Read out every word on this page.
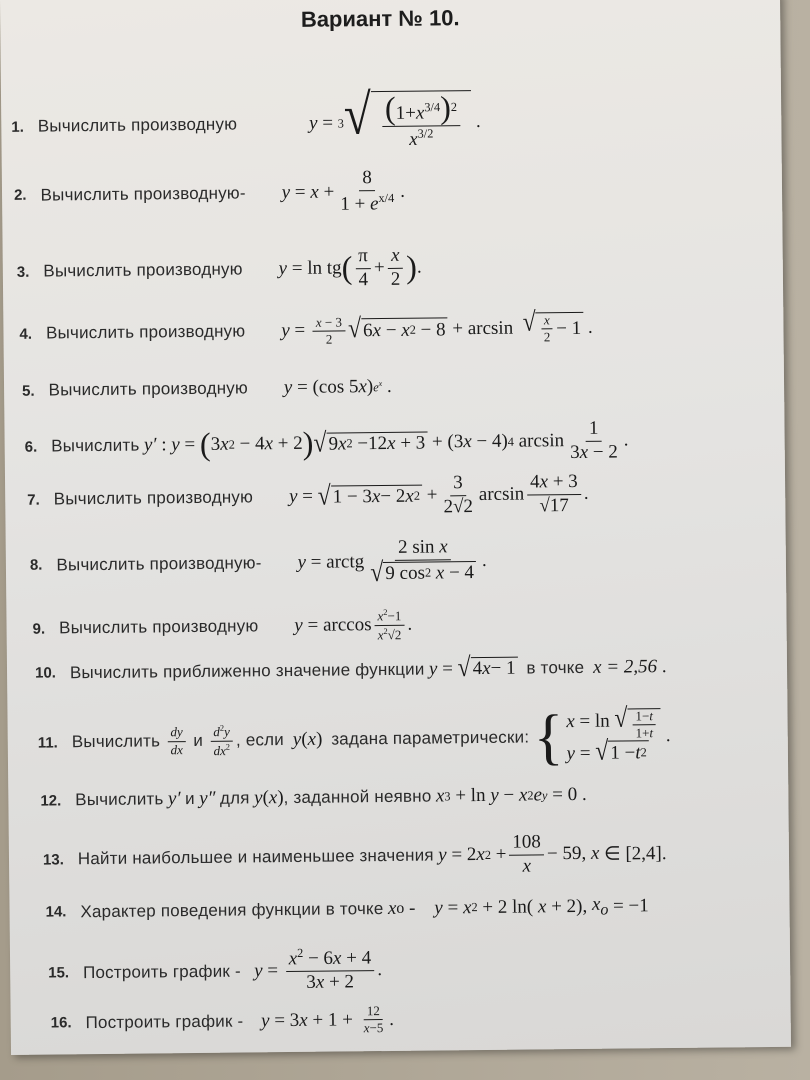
Вариант № 10.
1. Вычислить производную	y = 3 √ $\frac{(1+x^{3/4})^2}{x^{3/2}}$ .
2. Вычислить производную- $y = x + \frac{8}{1 + e^{x/4}}$ .
3. Вычислить производную y = ln tg ( $\frac{\pi}{4} + \frac{x}{2}$ ) .
4. Вычислить производную $y = \frac{x - 3}{2}$ √ 6 x − x 2 − 8 + arcsin √ $\frac{x}{2} - 1$ .
5. Вычислить производную y = (cos 5 x ) $e^x$ .
6. Вычислить
y′ : y = ( 3 x 2 − 4 x + 2 ) √ 9 x 2 −12 x + 3 + (3 x − 4) 4 $\arcsin \frac{1}{3x - 2}$ .
7. Вычислить производную y = √ 1 − 3 x − 2 x $2 + \frac{3}{2√2}$ $\arcsin \frac{4x + 3}{√17}$ .
8. Вычислить производную- y = arctg 2 sin x
√ 9 cos 2
x − 4 .
9. Вычислить производную $y = \arccos \frac{x^2-1}{x^2√2}$ .
10. Вычислить приближенно значение функции
y = √ 4 x − 1
в точке
x = 2,56 .
11. Вычислить
$\frac{dy}{dx}$
и
$\frac{d^2y}{dx^2}$ , если
y ( x )
задана параметрически:
{ x = ln √ $\frac{1-t}{1+t}$
y = √ 1 − t 2
.
12. Вычислить
y′
и
y″
для
y ( x ) , заданной неявно
x 3 + ln y − x 2 e y = 0 .
13. Найти наибольшее и наименьшее значения
y = 2 x $2 + \frac{108}{x} - 59$, x ∈ [2,4].
14. Характер поведения функции в точке
x o - y = x 2 + 2 ln( x + 2), $x_o = -1$
15. Построить график -
$y = \frac{x^2 - 6x + 4}{3x + 2}$ .
16. Построить график -
y = 3 $x + 1 + \frac{12}{x-5}$ .
